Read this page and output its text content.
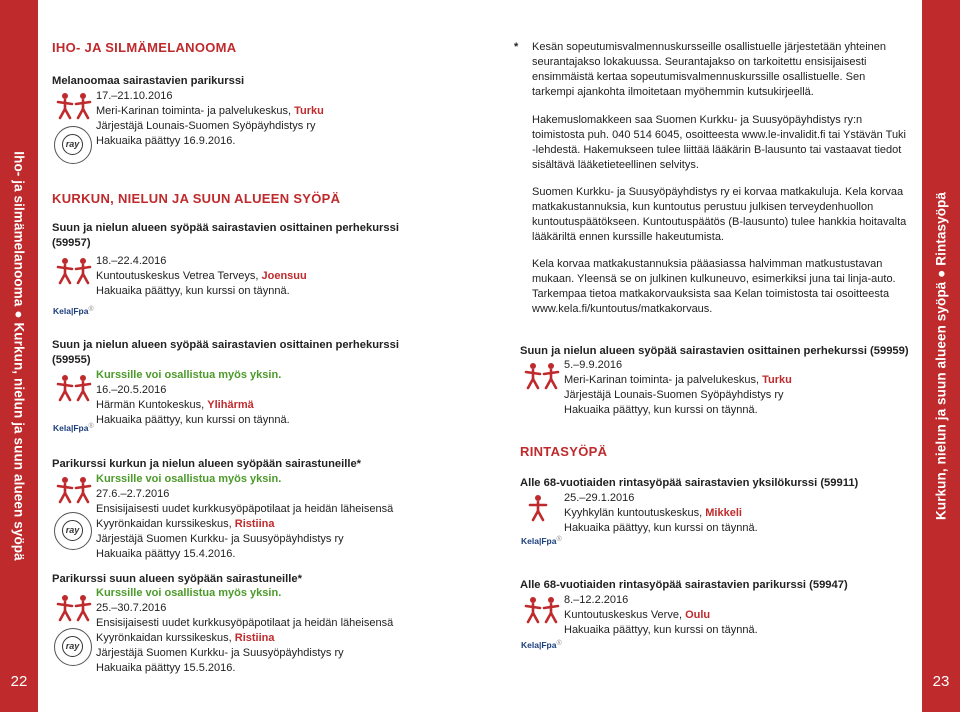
Iho- ja silmämelanooma ● Kurkun, nielun ja suun alueen syöpä
22
Kurkun, nielun ja suun alueen syöpä ● Rintasyöpä
23
IHO- JA SILMÄMELANOOMA
Melanoomaa sairastavien parikurssi
ray
17.–21.10.2016
Meri-Karinan toiminta- ja palvelukeskus, Turku
Järjestäjä Lounais-Suomen Syöpäyhdistys ry
Hakuaika päättyy 16.9.2016.
KURKUN, NIELUN JA SUUN ALUEEN SYÖPÄ
Suun ja nielun alueen syöpää sairastavien osittainen perhekurssi (59957)
Kela|Fpa®
18.–22.4.2016
Kuntoutuskeskus Vetrea Terveys, Joensuu
Hakuaika päättyy, kun kurssi on täynnä.
Suun ja nielun alueen syöpää sairastavien osittainen perhekurssi (59955)
Kela|Fpa®
Kurssille voi osallistua myös yksin.
16.–20.5.2016
Härmän Kuntokeskus, Ylihärmä
Hakuaika päättyy, kun kurssi on täynnä.
Parikurssi kurkun ja nielun alueen syöpään sairastuneille*
ray
Kurssille voi osallistua myös yksin.
27.6.–2.7.2016
Ensisijaisesti uudet kurkkusyöpäpotilaat ja heidän läheisensä
Kyyrönkaidan kurssikeskus, Ristiina
Järjestäjä Suomen Kurkku- ja Suusyöpäyhdistys ry
Hakuaika päättyy 15.4.2016.
Parikurssi suun alueen syöpään sairastuneille*
ray
Kurssille voi osallistua myös yksin.
25.–30.7.2016
Ensisijaisesti uudet kurkkusyöpäpotilaat ja heidän läheisensä
Kyyrönkaidan kurssikeskus, Ristiina
Järjestäjä Suomen Kurkku- ja Suusyöpäyhdistys ry
Hakuaika päättyy 15.5.2016.
* Kesän sopeutumisvalmennuskursseille osallistuelle järjestetään yhteinen seurantajakso lokakuussa. Seurantajakso on tarkoitettu ensisijaisesti ensimmäistä kertaa sopeutumisvalmennuskurssille osallistuelle. Sen tarkempi ajankohta ilmoitetaan myöhemmin kutsukirjeellä.
Hakemuslomakkeen saa Suomen Kurkku- ja Suusyöpäyhdistys ry:n toimistosta puh. 040 514 6045, osoitteesta www.le-invalidit.fi tai Ystävän Tuki -lehdestä. Hakemukseen tulee liittää lääkärin B-lausunto tai vastaavat tiedot sisältävä lääketieteellinen selvitys.
Suomen Kurkku- ja Suusyöpäyhdistys ry ei korvaa matkakuluja. Kela korvaa matkakustannuksia, kun kuntoutus perustuu julkisen terveydenhuollon kuntoutuspäätökseen. Kuntoutuspäätös (B-lausunto) tulee hankkia hoitavalta lääkäriltä ennen kurssille hakeutumista.
Kela korvaa matkakustannuksia pääasiassa halvimman matkustustavan mukaan. Yleensä se on julkinen kulkuneuvo, esimerkiksi juna tai linja-auto. Tarkempaa tietoa matkakorvauksista saa Kelan toimistosta tai osoitteesta www.kela.fi/kuntoutus/matkakorvaus.
Suun ja nielun alueen syöpää sairastavien osittainen perhekurssi (59959)
5.–9.9.2016
Meri-Karinan toiminta- ja palvelukeskus, Turku
Järjestäjä Lounais-Suomen Syöpäyhdistys ry
Hakuaika päättyy, kun kurssi on täynnä.
RINTASYÖPÄ
Alle 68-vuotiaiden rintasyöpää sairastavien yksilökurssi (59911)
Kela|Fpa®
25.–29.1.2016
Kyyhkylän kuntoutuskeskus, Mikkeli
Hakuaika päättyy, kun kurssi on täynnä.
Alle 68-vuotiaiden rintasyöpää sairastavien parikurssi (59947)
Kela|Fpa®
8.–12.2.2016
Kuntoutuskeskus Verve, Oulu
Hakuaika päättyy, kun kurssi on täynnä.
